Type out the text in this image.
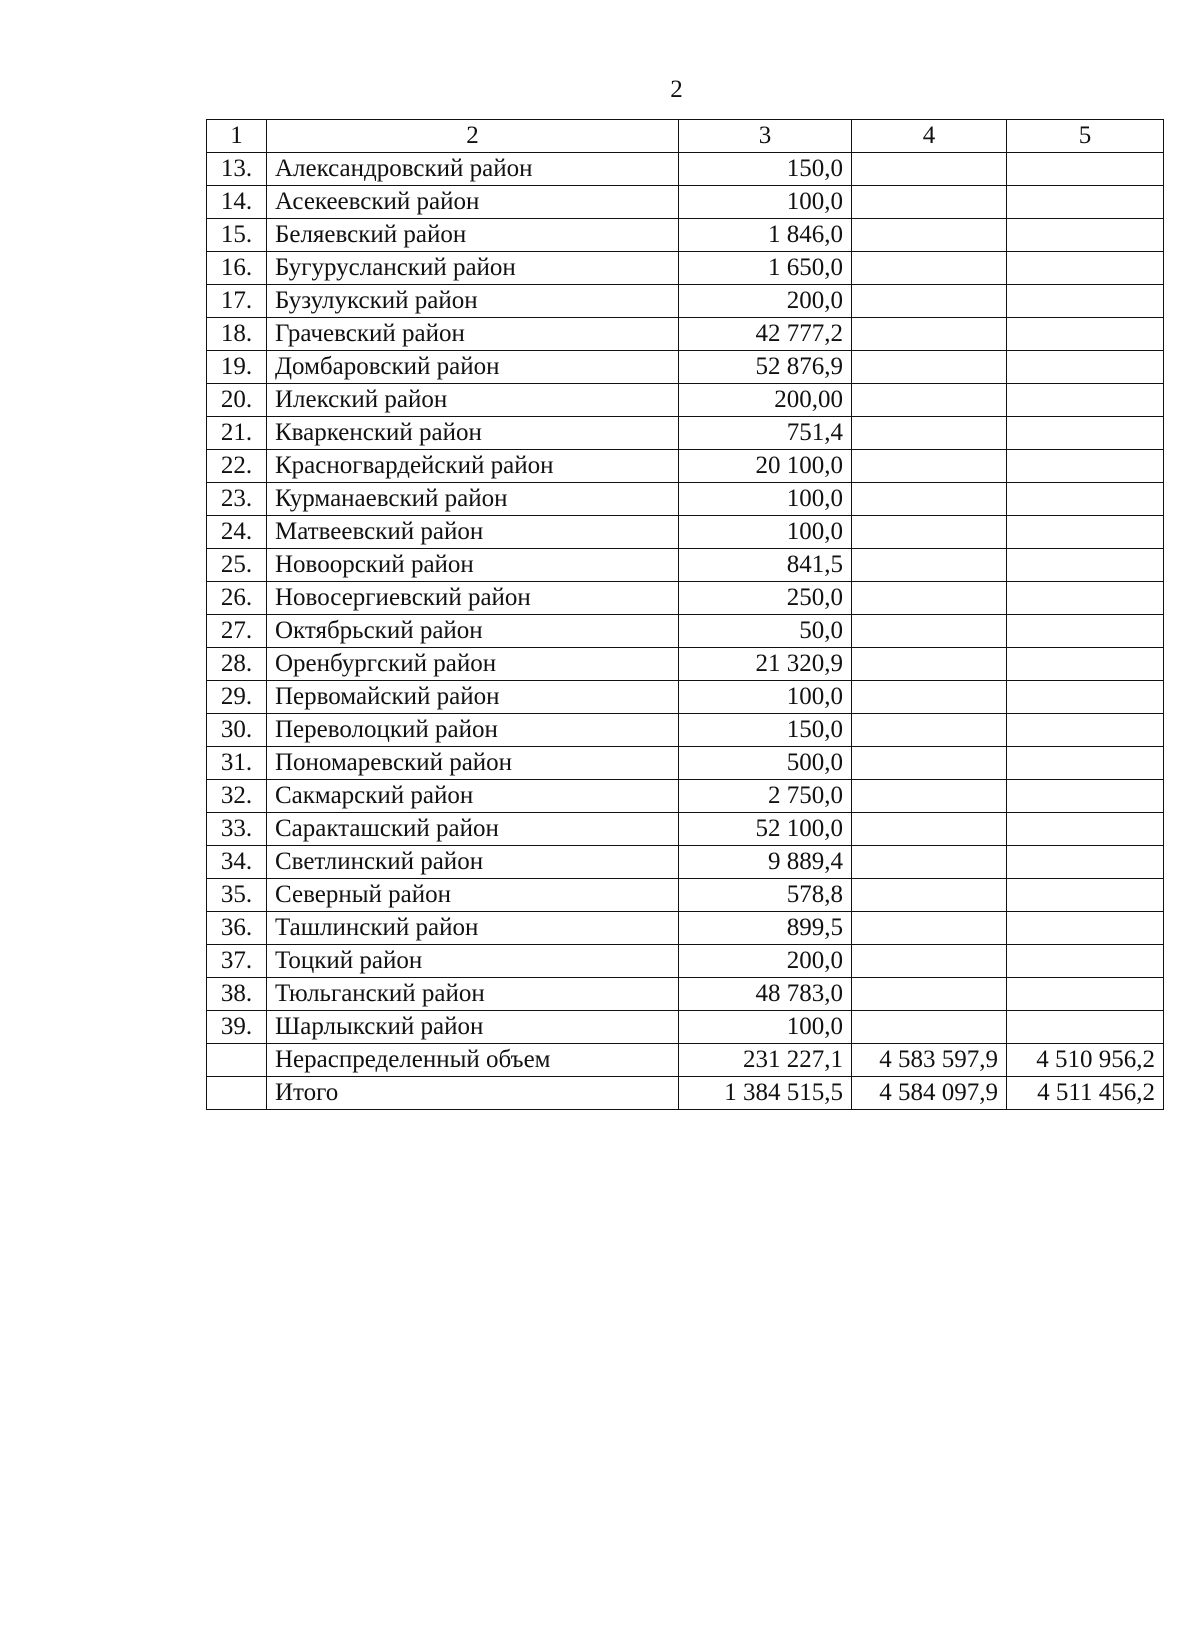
2
1	2	3	4	5
13.	Александровский район	150,0		
14.	Асекеевский район	100,0		
15.	Беляевский район	1 846,0		
16.	Бугурусланский район	1 650,0		
17.	Бузулукский район	200,0		
18.	Грачевский район	42 777,2		
19.	Домбаровский район	52 876,9		
20.	Илекский район	200,00		
21.	Кваркенский район	751,4		
22.	Красногвардейский район	20 100,0		
23.	Курманаевский район	100,0		
24.	Матвеевский район	100,0		
25.	Новоорский район	841,5		
26.	Новосергиевский район	250,0		
27.	Октябрьский район	50,0		
28.	Оренбургский район	21 320,9		
29.	Первомайский район	100,0		
30.	Переволоцкий район	150,0		
31.	Пономаревский район	500,0		
32.	Сакмарский район	2 750,0		
33.	Саракташский район	52 100,0		
34.	Светлинский район	9 889,4		
35.	Северный район	578,8		
36.	Ташлинский район	899,5		
37.	Тоцкий район	200,0		
38.	Тюльганский район	48 783,0		
39.	Шарлыкский район	100,0		
	Нераспределенный объем	231 227,1	4 583 597,9	4 510 956,2
	Итого	1 384 515,5	4 584 097,9	4 511 456,2
